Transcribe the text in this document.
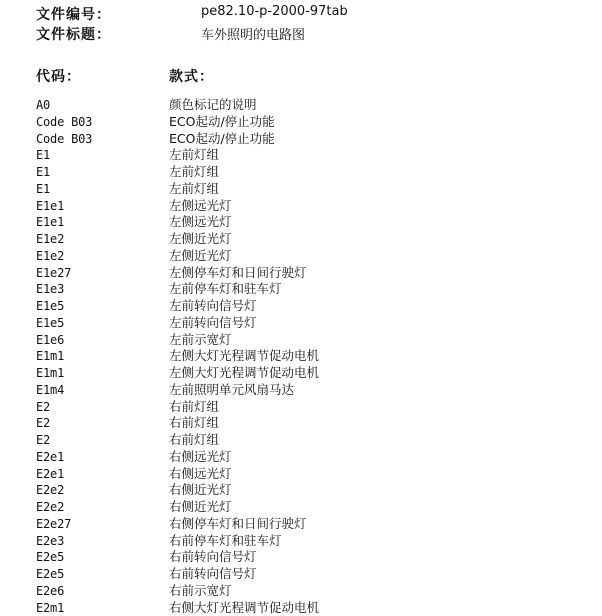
文件编号：	pe82.10-p-2000-97tab
文件标题：	车外照明的电路图
代码：	款式：
A0	颜色标记的说明
Code B03	ECO起动/停止功能
Code B03	ECO起动/停止功能
E1	左前灯组
E1	左前灯组
E1	左前灯组
E1e1	左侧远光灯
E1e1	左侧远光灯
E1e2	左侧近光灯
E1e2	左侧近光灯
E1e27	左侧停车灯和日间行驶灯
E1e3	左前停车灯和驻车灯
E1e5	左前转向信号灯
E1e5	左前转向信号灯
E1e6	左前示宽灯
E1m1	左侧大灯光程调节促动电机
E1m1	左侧大灯光程调节促动电机
E1m4	左前照明单元风扇马达
E2	右前灯组
E2	右前灯组
E2	右前灯组
E2e1	右侧远光灯
E2e1	右侧远光灯
E2e2	右侧近光灯
E2e2	右侧近光灯
E2e27	右侧停车灯和日间行驶灯
E2e3	右前停车灯和驻车灯
E2e5	右前转向信号灯
E2e5	右前转向信号灯
E2e6	右前示宽灯
E2m1	右侧大灯光程调节促动电机
